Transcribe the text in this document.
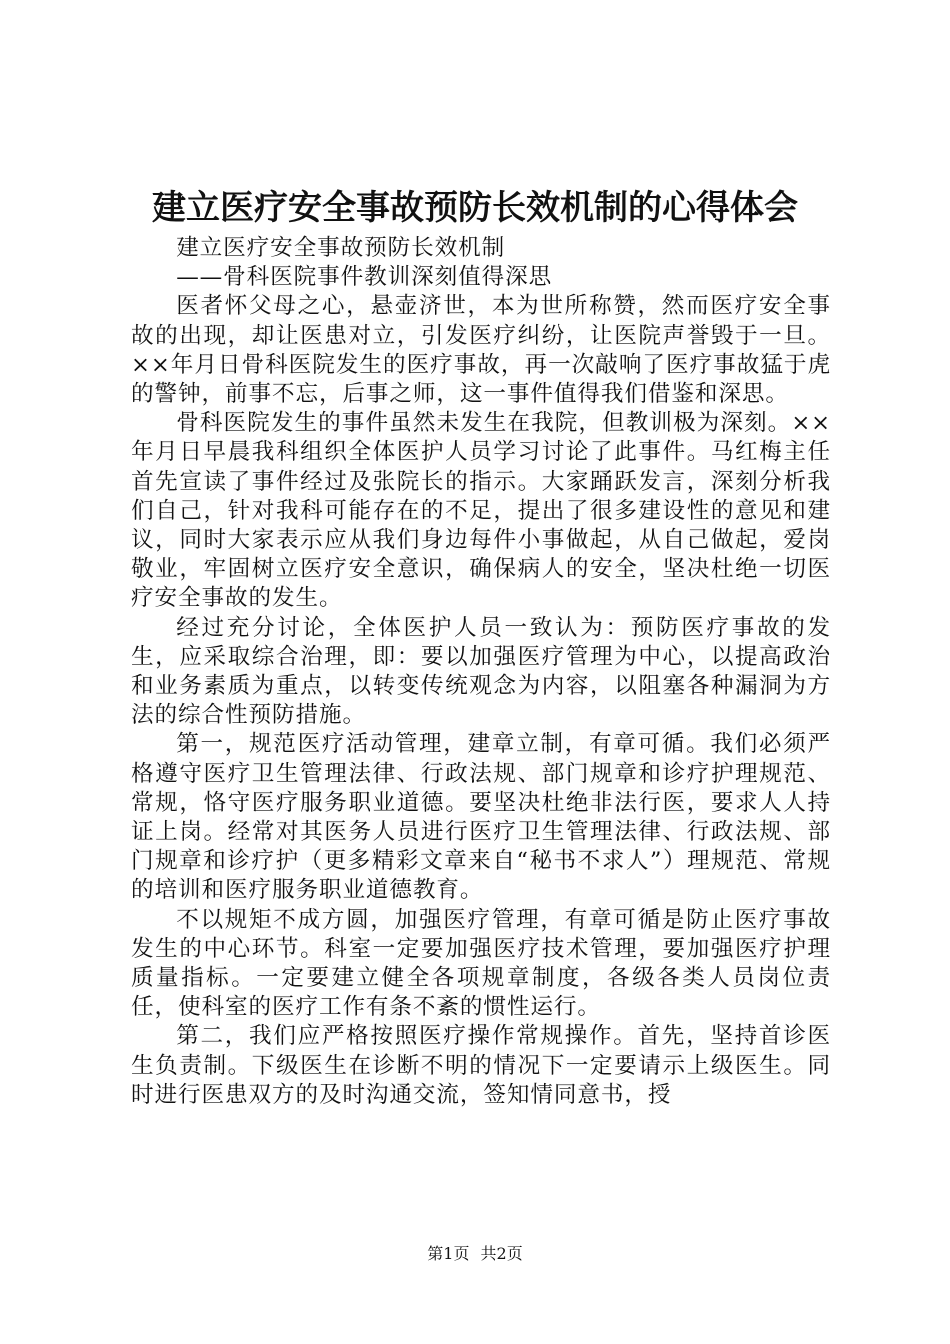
建立医疗安全事故预防长效机制的心得体会

建立医疗安全事故预防长效机制

——骨科医院事件教训深刻值得深思

医者怀父母之心，悬壶济世，本为世所称赞，然而医疗安全事故的出现，却让医患对立，引发医疗纠纷，让医院声誉毁于一旦。××年月日骨科医院发生的医疗事故，再一次敲响了医疗事故猛于虎的警钟，前事不忘，后事之师，这一事件值得我们借鉴和深思。

骨科医院发生的事件虽然未发生在我院，但教训极为深刻。××年月日早晨我科组织全体医护人员学习讨论了此事件。马红梅主任首先宣读了事件经过及张院长的指示。大家踊跃发言，深刻分析我们自己，针对我科可能存在的不足，提出了很多建设性的意见和建议，同时大家表示应从我们身边每件小事做起，从自己做起，爱岗敬业，牢固树立医疗安全意识，确保病人的安全，坚决杜绝一切医疗安全事故的发生。

经过充分讨论，全体医护人员一致认为：预防医疗事故的发生，应采取综合治理，即：要以加强医疗管理为中心，以提高政治和业务素质为重点，以转变传统观念为内容，以阻塞各种漏洞为方法的综合性预防措施。

第一，规范医疗活动管理，建章立制，有章可循。我们必须严格遵守医疗卫生管理法律、行政法规、部门规章和诊疗护理规范、常规，恪守医疗服务职业道德。要坚决杜绝非法行医，要求人人持证上岗。经常对其医务人员进行医疗卫生管理法律、行政法规、部门规章和诊疗护（更多精彩文章来自“秘书不求人”）理规范、常规的培训和医疗服务职业道德教育。

不以规矩不成方圆，加强医疗管理，有章可循是防止医疗事故发生的中心环节。科室一定要加强医疗技术管理，要加强医疗护理质量指标。一定要建立健全各项规章制度，各级各类人员岗位责任，使科室的医疗工作有条不紊的惯性运行。

第二，我们应严格按照医疗操作常规操作。首先，坚持首诊医生负责制。下级医生在诊断不明的情况下一定要请示上级医生。同时进行医患双方的及时沟通交流，签知情同意书，授

第1页 共2页
